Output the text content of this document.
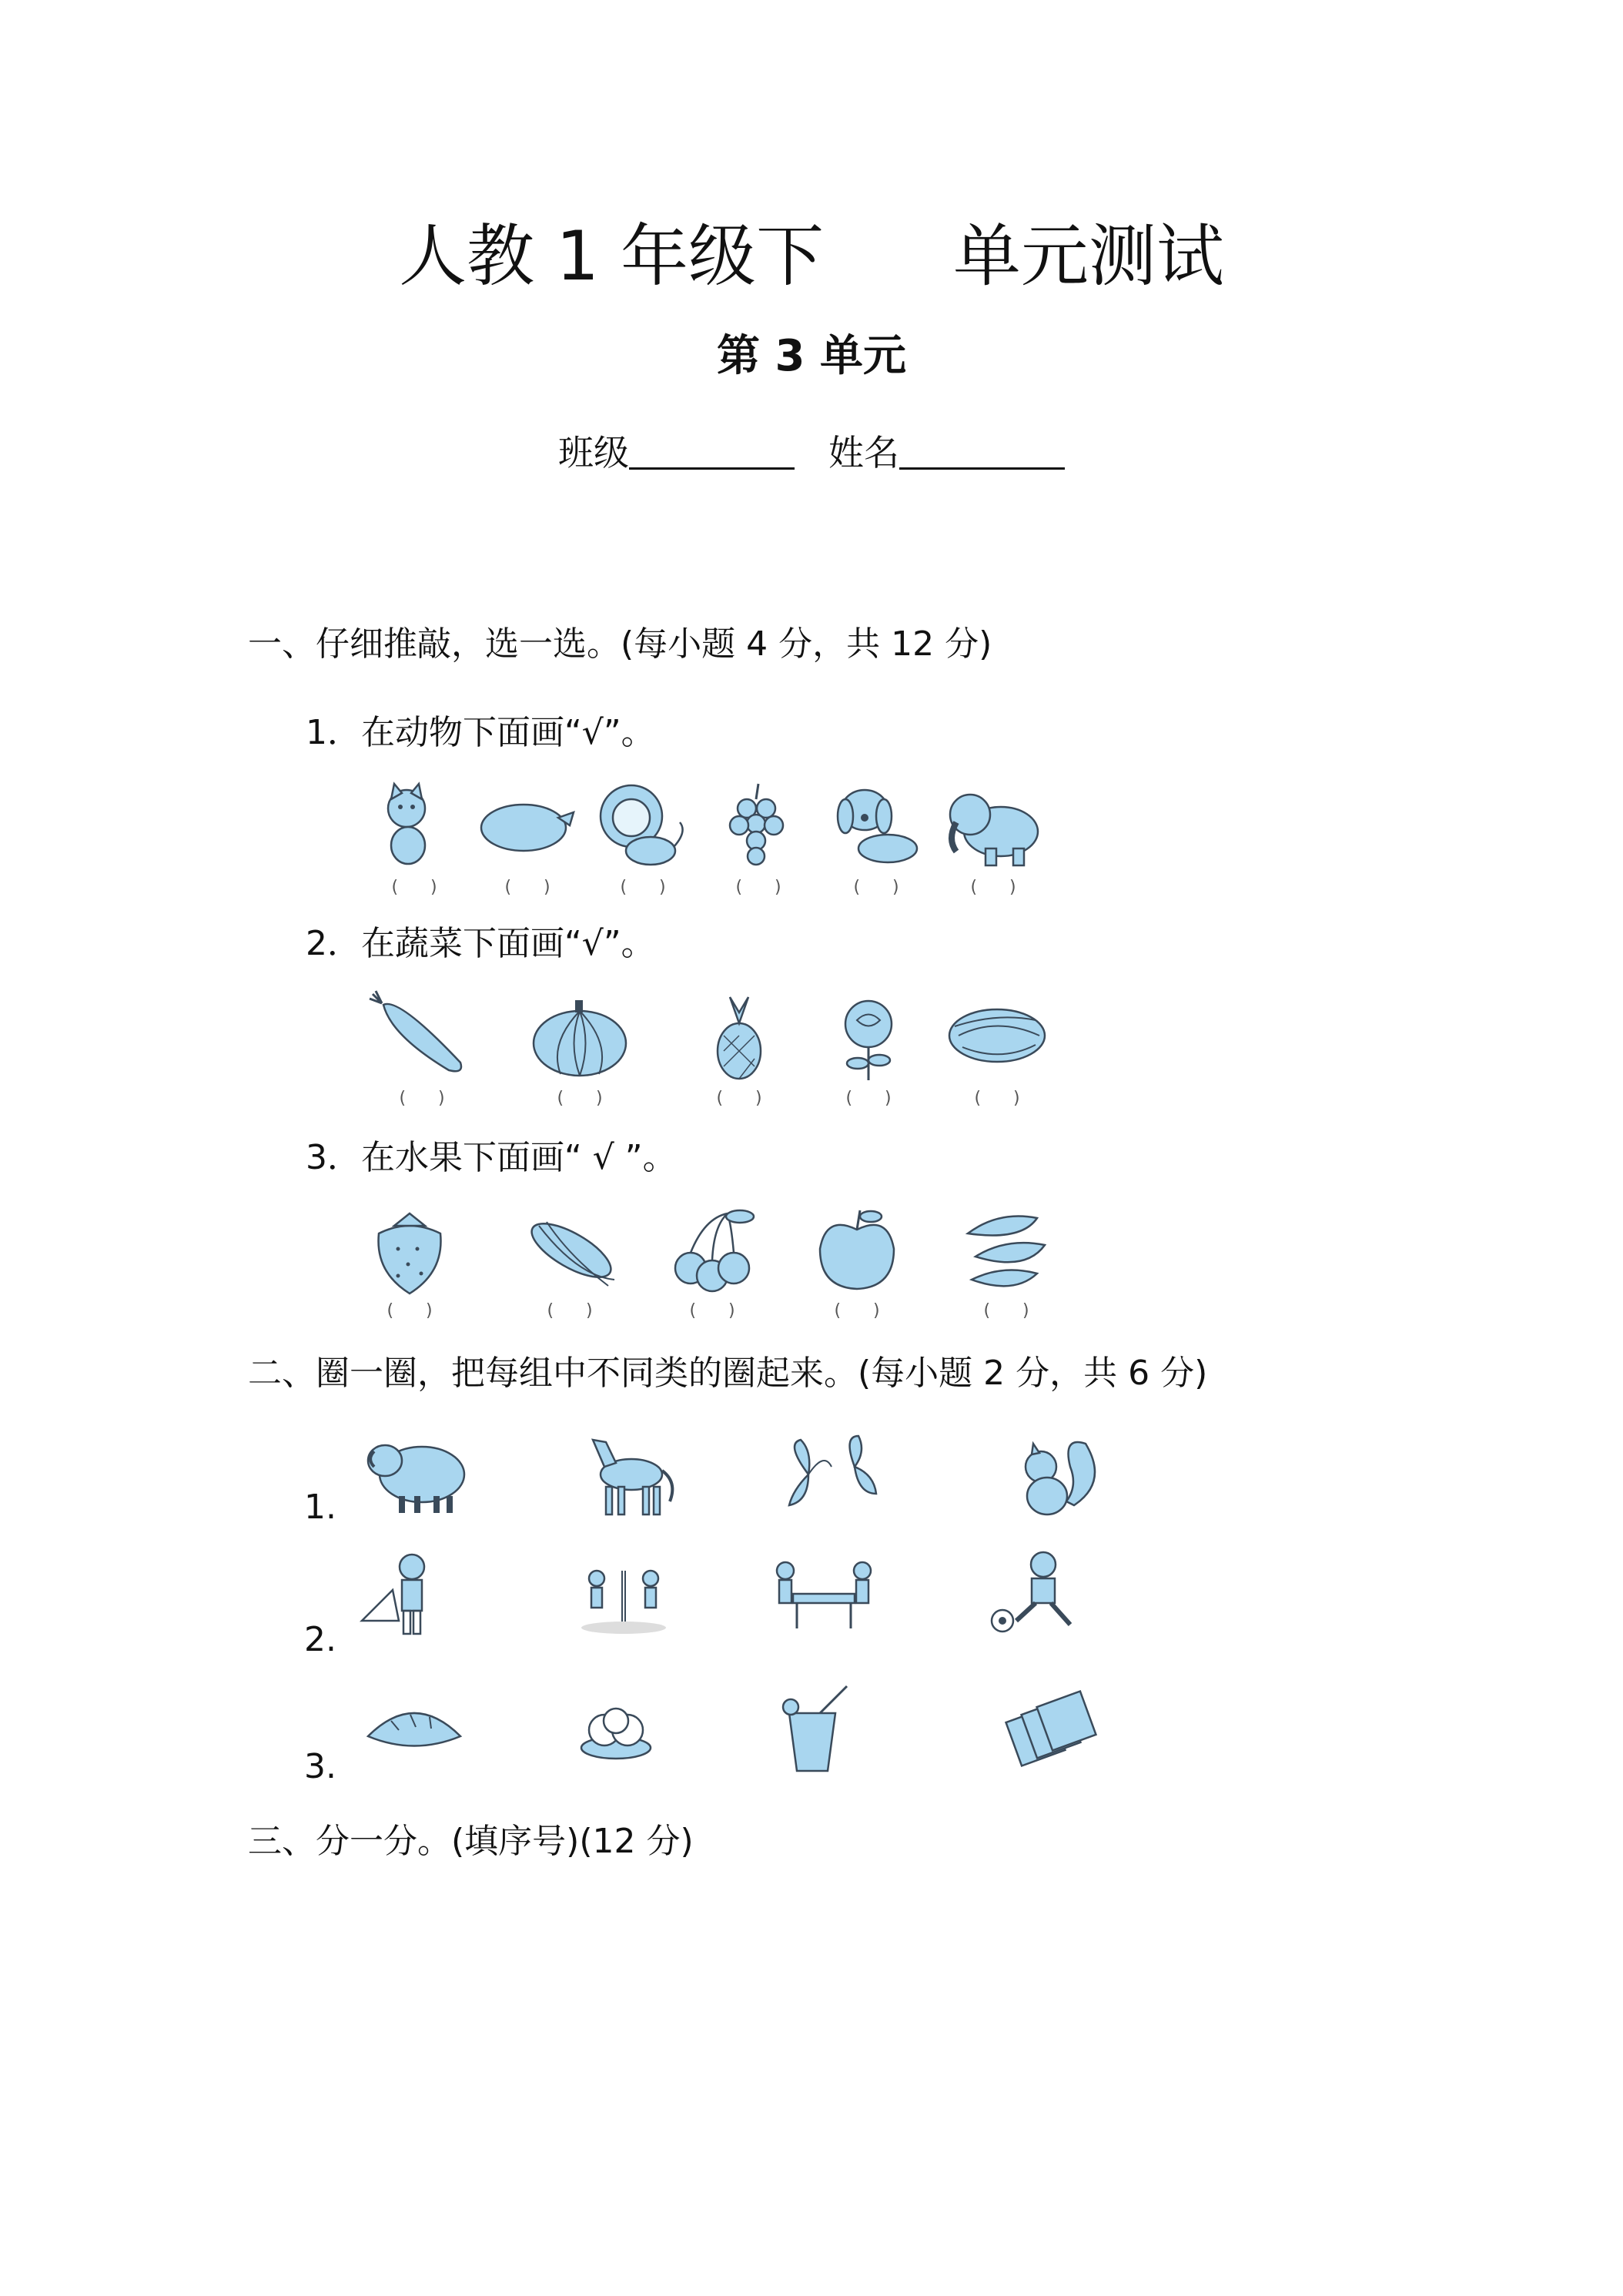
人教 1 年级下      单元测试
第 3 单元
班级	姓名
一、仔细推敲，选一选。(每小题 4 分，共 12 分)
1．在动物下面画“√”。
(      )	(      )	(      )	(      )	(      )	(      )
2．在蔬菜下面画“√”。
(      )	(      )	(      )	(      )	(      )
3．在水果下面画“ √ ”。
(      )	(      )	(      )	(      )	(      )
二、圈一圈，把每组中不同类的圈起来。(每小题 2 分，共 6 分)
1.
2.
3.
三、分一分。(填序号)(12 分)
